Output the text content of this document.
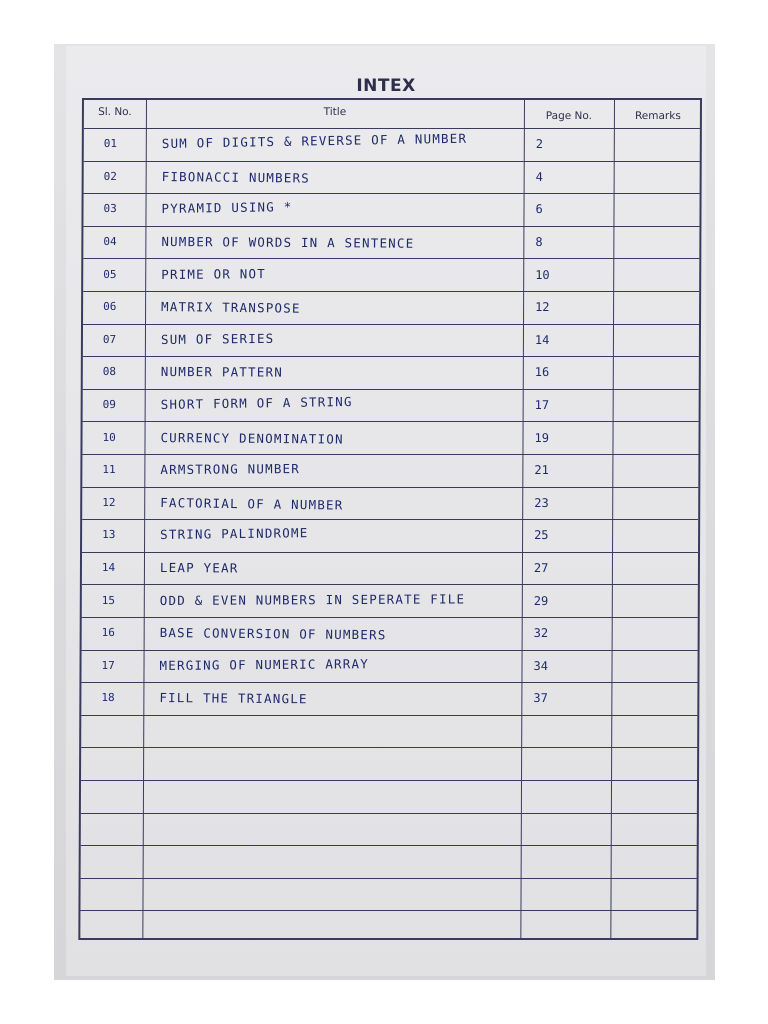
INTEX
Sl. No.	Title	Page No.	Remarks
01	SUM OF DIGITS & REVERSE OF A NUMBER	2
02	FIBONACCI NUMBERS	4
03	PYRAMID USING *	6
04	NUMBER OF WORDS IN A SENTENCE	8
05	PRIME OR NOT	10
06	MATRIX TRANSPOSE	12
07	SUM OF SERIES	14
08	NUMBER PATTERN	16
09	SHORT FORM OF A STRING	17
10	CURRENCY DENOMINATION	19
11	ARMSTRONG NUMBER	21
12	FACTORIAL OF A NUMBER	23
13	STRING PALINDROME	25
14	LEAP YEAR	27
15	ODD & EVEN NUMBERS IN SEPERATE FILE	29
16	BASE CONVERSION OF NUMBERS	32
17	MERGING OF NUMERIC ARRAY	34
18	FILL THE TRIANGLE	37
